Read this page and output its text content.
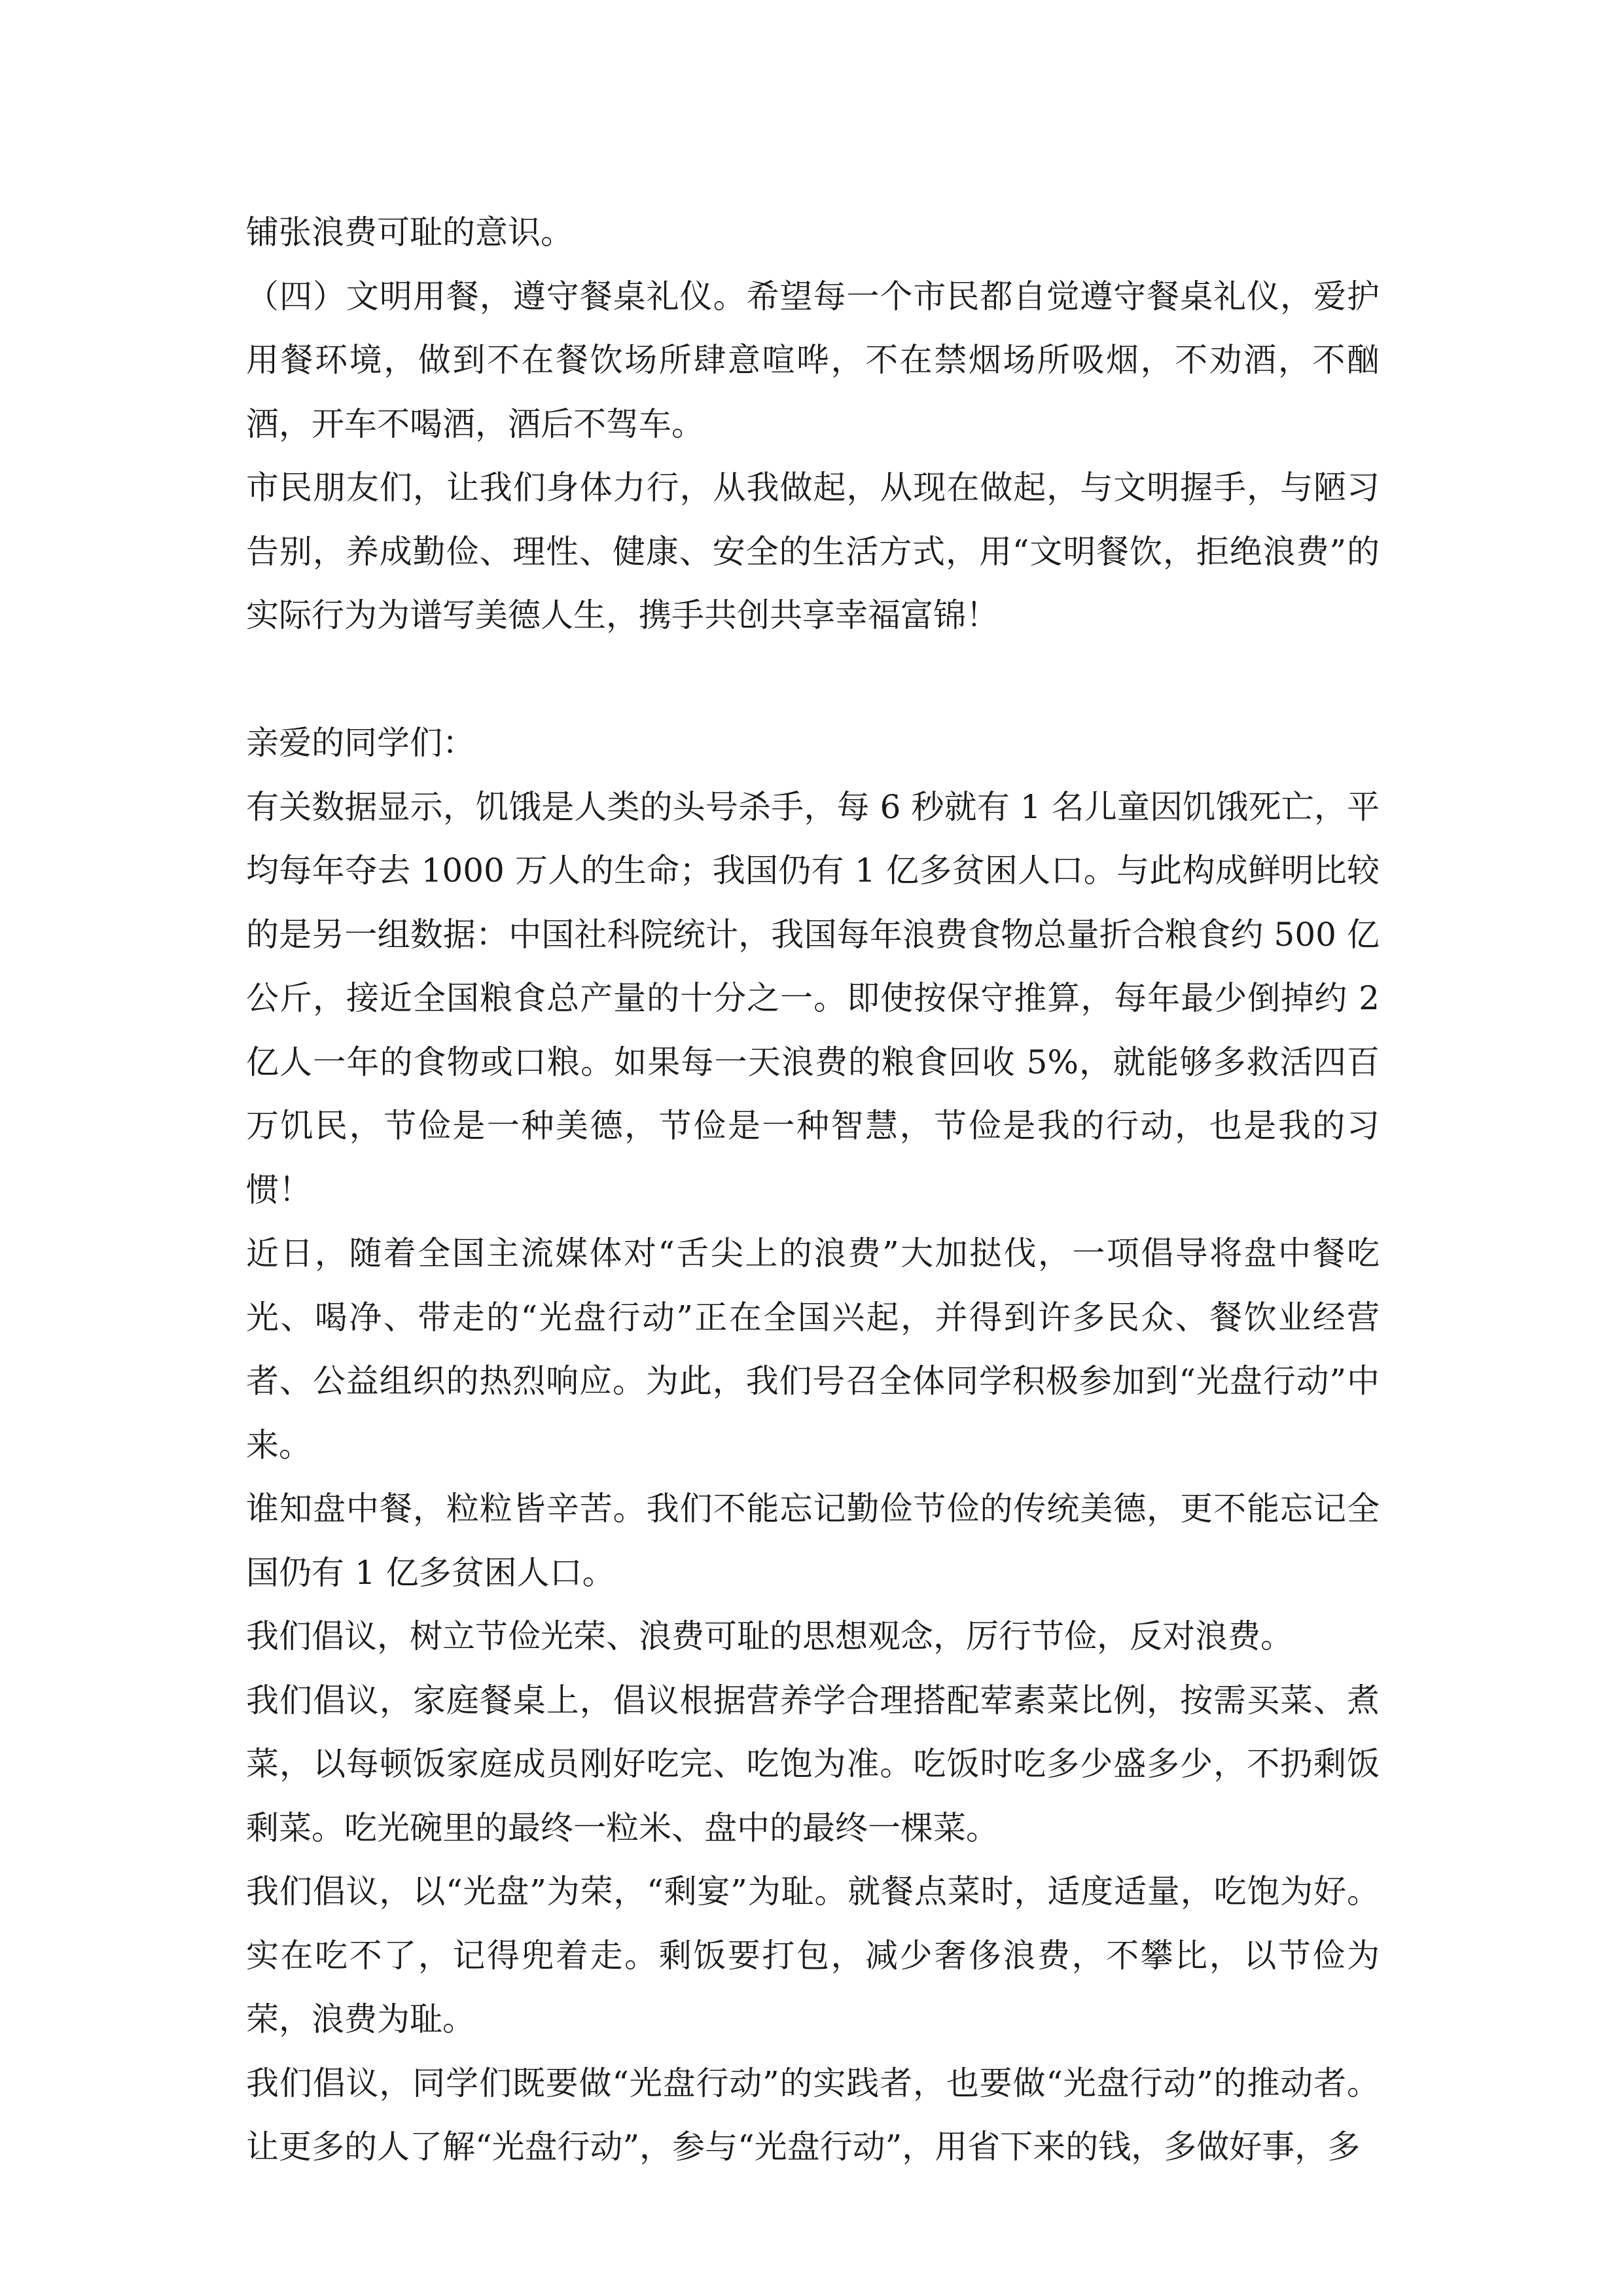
铺张浪费可耻的意识。

（四）文明用餐，遵守餐桌礼仪。希望每一个市民都自觉遵守餐桌礼仪，爱护用餐环境，做到不在餐饮场所肆意喧哗，不在禁烟场所吸烟，不劝酒，不酗酒，开车不喝酒，酒后不驾车。

市民朋友们，让我们身体力行，从我做起，从现在做起，与文明握手，与陋习告别，养成勤俭、理性、健康、安全的生活方式，用“文明餐饮，拒绝浪费”的实际行为为谱写美德人生，携手共创共享幸福富锦！

亲爱的同学们：

有关数据显示，饥饿是人类的头号杀手，每 6 秒就有 1 名儿童因饥饿死亡，平均每年夺去 1000 万人的生命；我国仍有 1 亿多贫困人口。与此构成鲜明比较的是另一组数据：中国社科院统计，我国每年浪费食物总量折合粮食约 500 亿公斤，接近全国粮食总产量的十分之一。即使按保守推算，每年最少倒掉约 2 亿人一年的食物或口粮。如果每一天浪费的粮食回收 5%，就能够多救活四百万饥民，节俭是一种美德，节俭是一种智慧，节俭是我的行动，也是我的习惯！

近日，随着全国主流媒体对“舌尖上的浪费”大加挞伐，一项倡导将盘中餐吃光、喝净、带走的“光盘行动”正在全国兴起，并得到许多民众、餐饮业经营者、公益组织的热烈响应。为此，我们号召全体同学积极参加到“光盘行动”中来。

谁知盘中餐，粒粒皆辛苦。我们不能忘记勤俭节俭的传统美德，更不能忘记全国仍有 1 亿多贫困人口。

我们倡议，树立节俭光荣、浪费可耻的思想观念，厉行节俭，反对浪费。

我们倡议，家庭餐桌上，倡议根据营养学合理搭配荤素菜比例，按需买菜、煮菜，以每顿饭家庭成员刚好吃完、吃饱为准。吃饭时吃多少盛多少，不扔剩饭剩菜。吃光碗里的最终一粒米、盘中的最终一棵菜。

我们倡议，以“光盘”为荣，“剩宴”为耻。就餐点菜时，适度适量，吃饱为好。实在吃不了，记得兜着走。剩饭要打包，减少奢侈浪费，不攀比，以节俭为荣，浪费为耻。

我们倡议，同学们既要做“光盘行动”的实践者，也要做“光盘行动”的推动者。让更多的人了解“光盘行动”，参与“光盘行动”，用省下来的钱，多做好事，多
